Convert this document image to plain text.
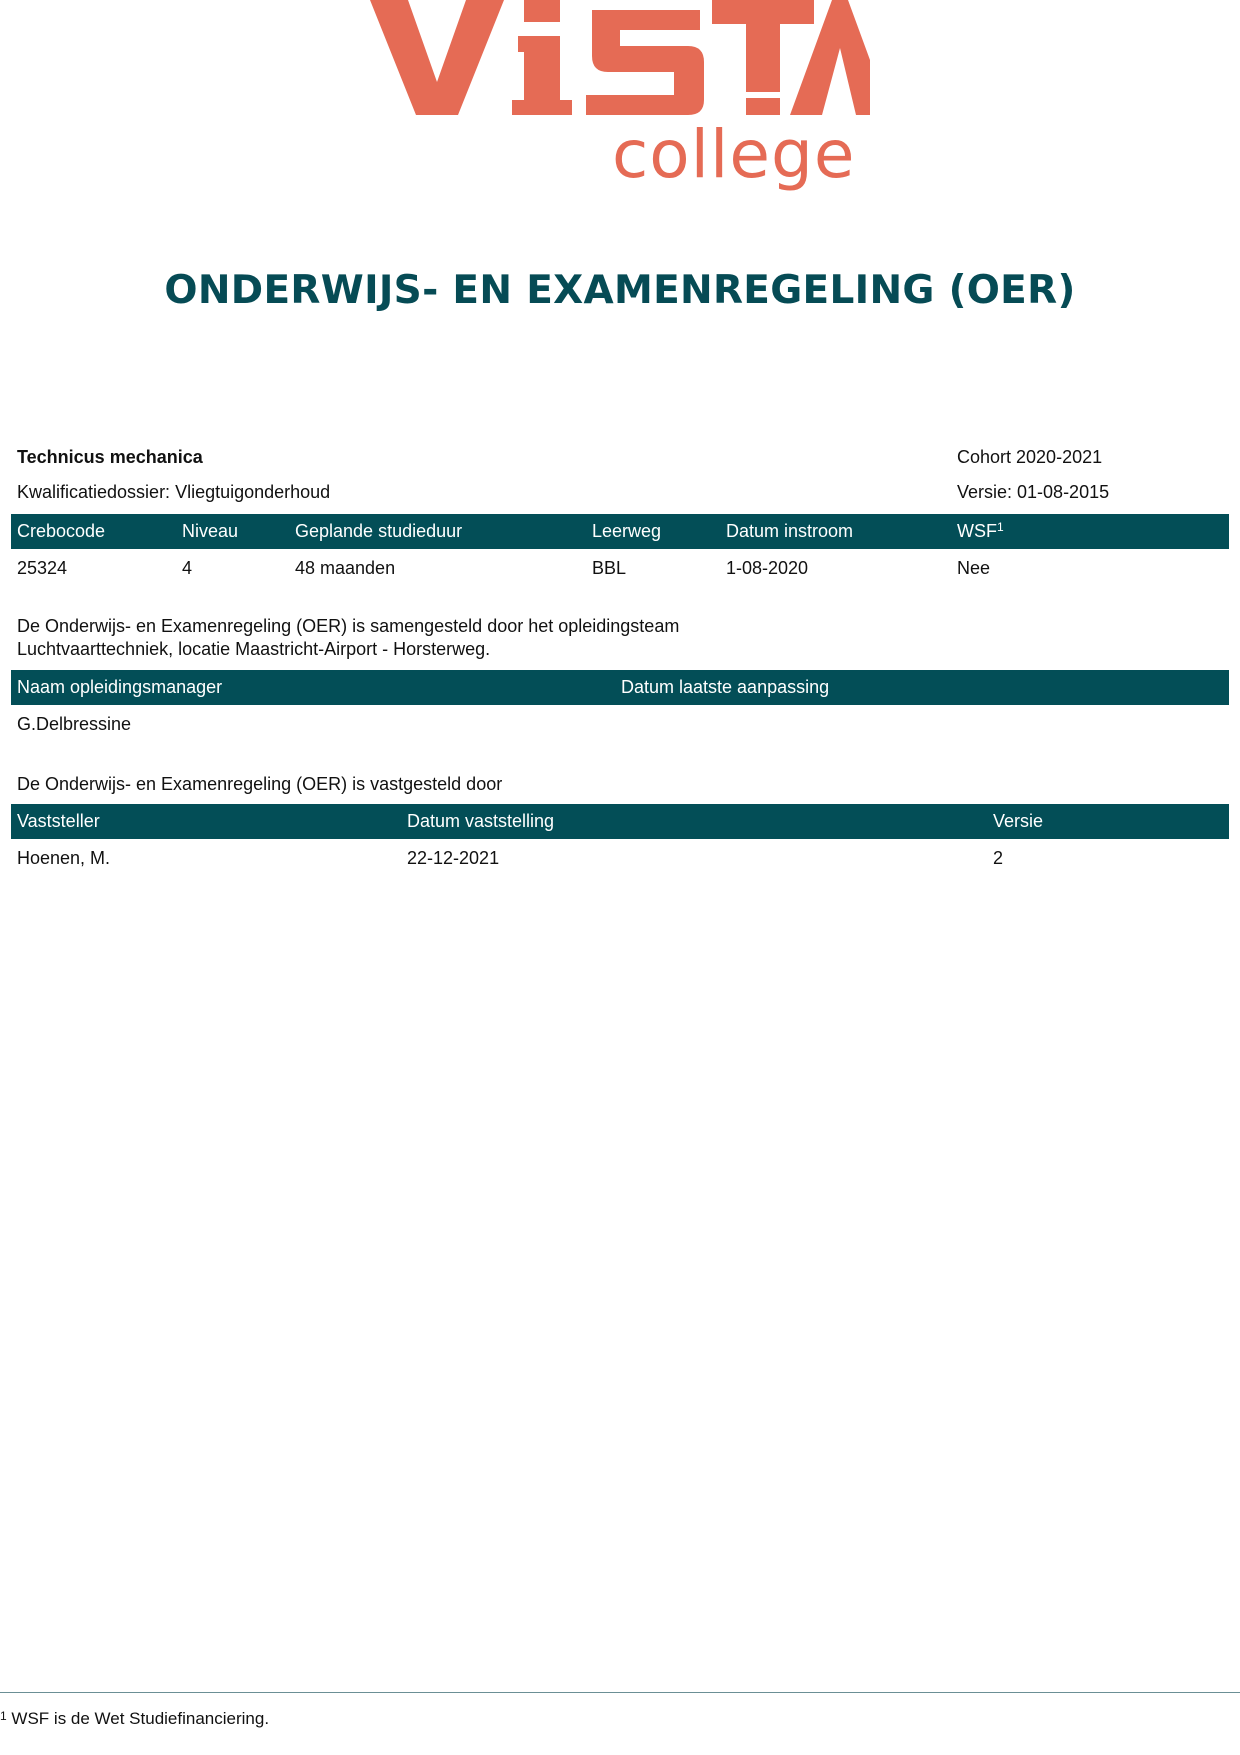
college
ONDERWIJS- EN EXAMENREGELING (OER)
Technicus mechanica	Cohort 2020-2021
Kwalificatiedossier: Vliegtuigonderhoud	Versie: 01-08-2015
Crebocode	Niveau	Geplande studieduur	Leerweg	Datum instroom	WSF$^1$
25324	4	48 maanden	BBL	1-08-2020	Nee
De Onderwijs- en Examenregeling (OER) is samengesteld door het opleidingsteam
Luchtvaarttechniek, locatie Maastricht-Airport - Horsterweg.
Naam opleidingsmanager	Datum laatste aanpassing
G.Delbressine
De Onderwijs- en Examenregeling (OER) is vastgesteld door
Vaststeller	Datum vaststelling	Versie
Hoenen, M.	22-12-2021	2
$^1$ WSF is de Wet Studiefinanciering.
